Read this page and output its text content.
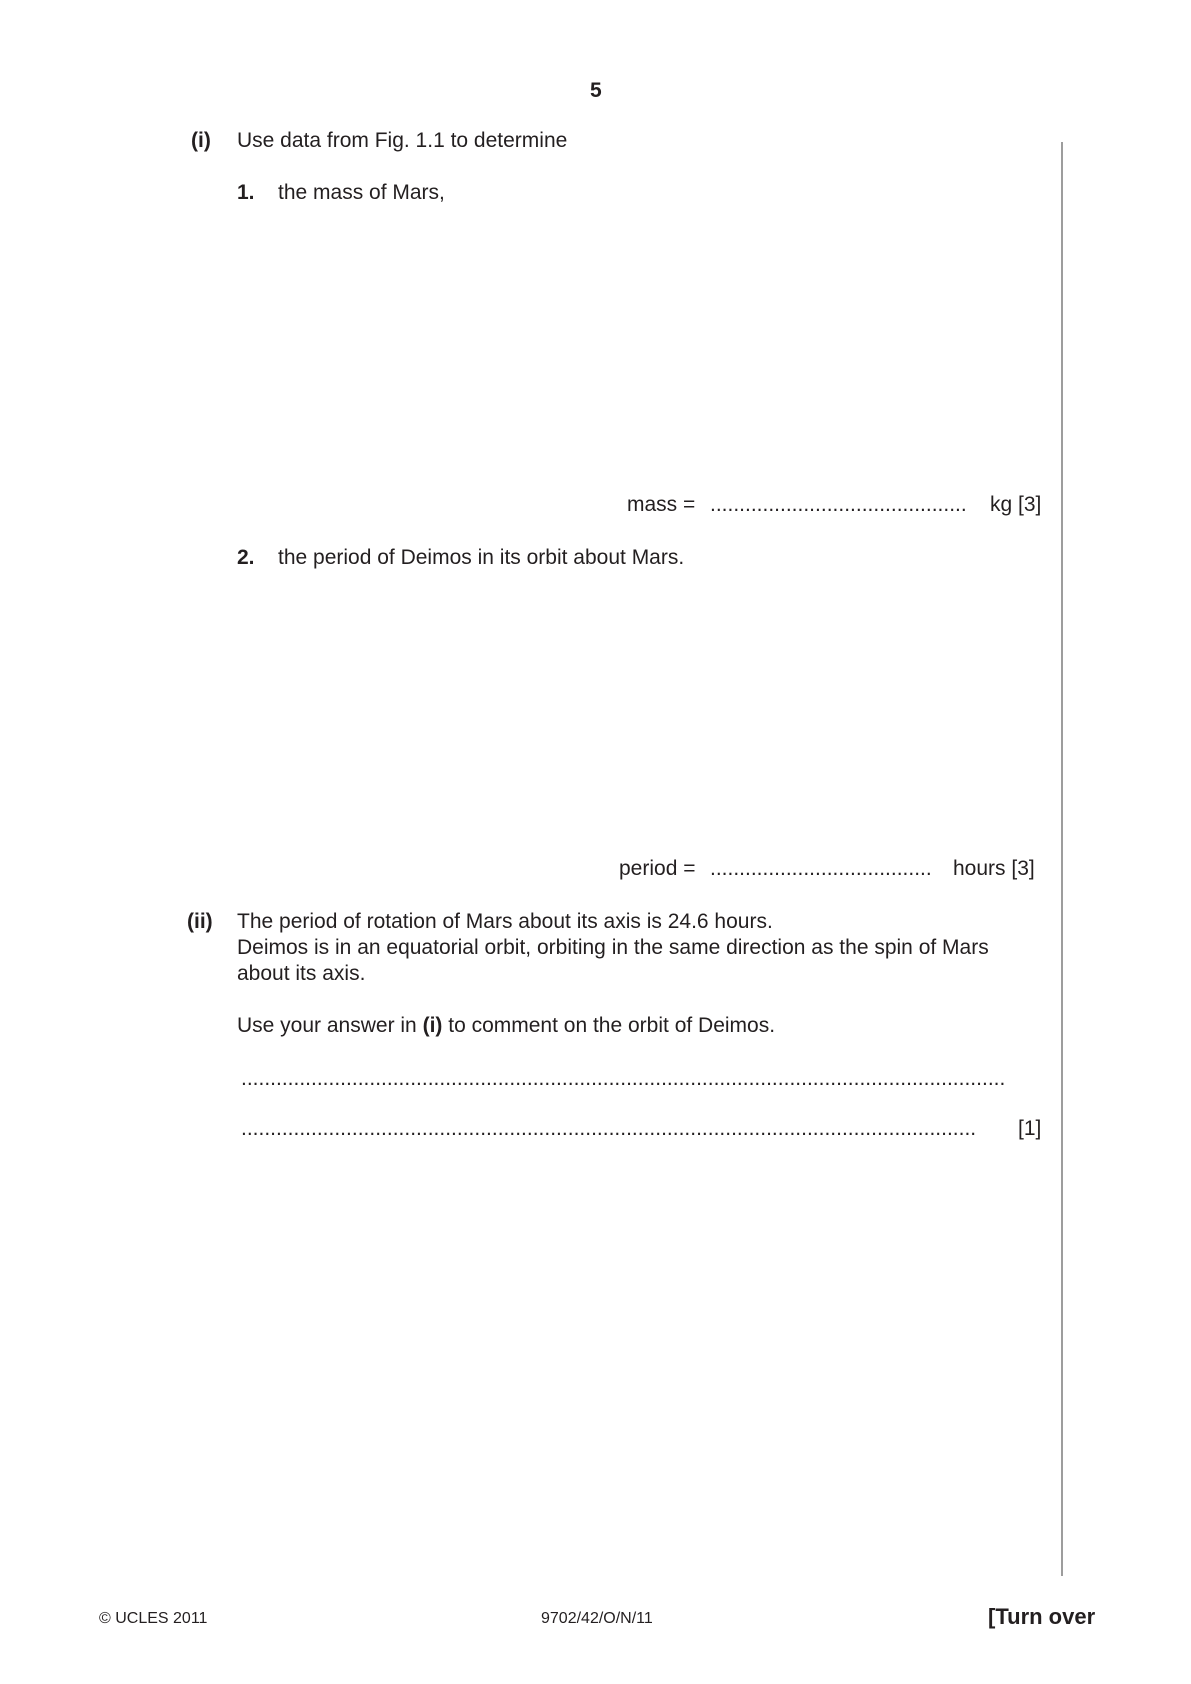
5
(i) Use data from Fig. 1.1 to determine
1. the mass of Mars,
mass = ............................................	kg [3]
2. the period of Deimos in its orbit about Mars.
period = ......................................	hours [3]
(ii) The period of rotation of Mars about its axis is 24.6 hours.
Deimos is in an equatorial orbit, orbiting in the same direction as the spin of Mars
about its axis.
Use your answer in (i) to comment on the orbit of Deimos.
...................................................................................................................................
..............................................................................................................................	[1]
© UCLES 2011	9702/42/O/N/11	[Turn over
